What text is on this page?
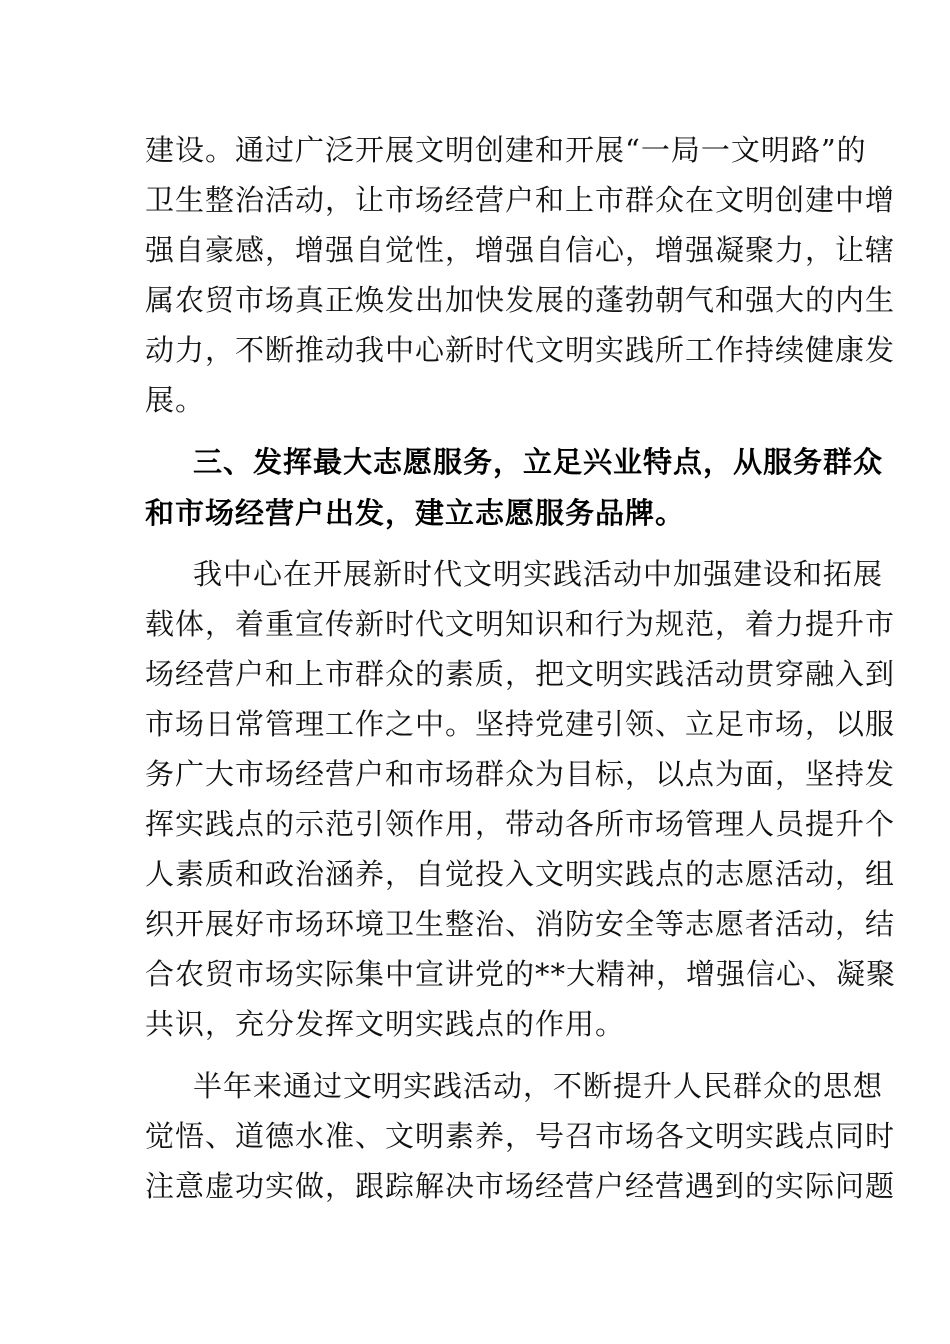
建设。通过广泛开展文明创建和开展“一局一文明路”的
卫生整治活动，让市场经营户和上市群众在文明创建中增
强自豪感，增强自觉性，增强自信心，增强凝聚力，让辖
属农贸市场真正焕发出加快发展的蓬勃朝气和强大的内生
动力，不断推动我中心新时代文明实践所工作持续健康发
展。
三、发挥最大志愿服务，立足兴业特点，从服务群众
和市场经营户出发，建立志愿服务品牌。
我中心在开展新时代文明实践活动中加强建设和拓展
载体，着重宣传新时代文明知识和行为规范，着力提升市
场经营户和上市群众的素质，把文明实践活动贯穿融入到
市场日常管理工作之中。坚持党建引领、立足市场，以服
务广大市场经营户和市场群众为目标，以点为面，坚持发
挥实践点的示范引领作用，带动各所市场管理人员提升个
人素质和政治涵养，自觉投入文明实践点的志愿活动，组
织开展好市场环境卫生整治、消防安全等志愿者活动，结
合农贸市场实际集中宣讲党的**大精神，增强信心、凝聚
共识，充分发挥文明实践点的作用。
半年来通过文明实践活动，不断提升人民群众的思想
觉悟、道德水准、文明素养，号召市场各文明实践点同时
注意虚功实做，跟踪解决市场经营户经营遇到的实际问题
